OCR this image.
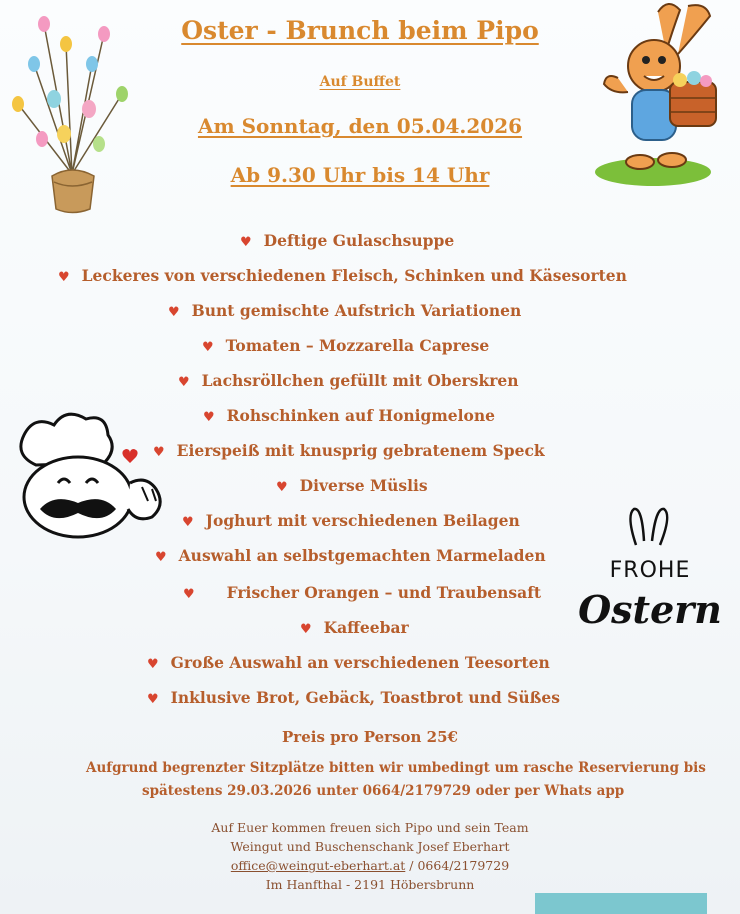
Oster - Brunch beim Pipo
Auf Buffet
Am Sonntag, den 05.04.2026
Ab 9.30 Uhr bis 14 Uhr
♥ Deftige Gulaschsuppe
♥ Leckeres von verschiedenen Fleisch, Schinken und Käsesorten
♥ Bunt gemischte Aufstrich Variationen
♥ Tomaten – Mozzarella Caprese
♥ Lachsröllchen gefüllt mit Oberskren
♥ Rohschinken auf Honigmelone
♥ Eierspeiß mit knusprig gebratenem Speck
♥ Diverse Müslis
♥ Joghurt mit verschiedenen Beilagen
♥ Auswahl an selbstgemachten Marmeladen
♥ Frischer Orangen – und Traubensaft
♥ Kaffeebar
♥ Große Auswahl an verschiedenen Teesorten
♥ Inklusive Brot, Gebäck, Toastbrot und Süßes
FROHE
Ostern
Preis pro Person 25€
Aufgrund begrenzter Sitzplätze bitten wir umbedingt um rasche Reservierung bis
spätestens 29.03.2026 unter 0664/2179729 oder per Whats app
Auf Euer kommen freuen sich Pipo und sein Team
Weingut und Buschenschank Josef Eberhart
office@weingut-eberhart.at / 0664/2179729
Im Hanfthal - 2191 Höbersbrunn
